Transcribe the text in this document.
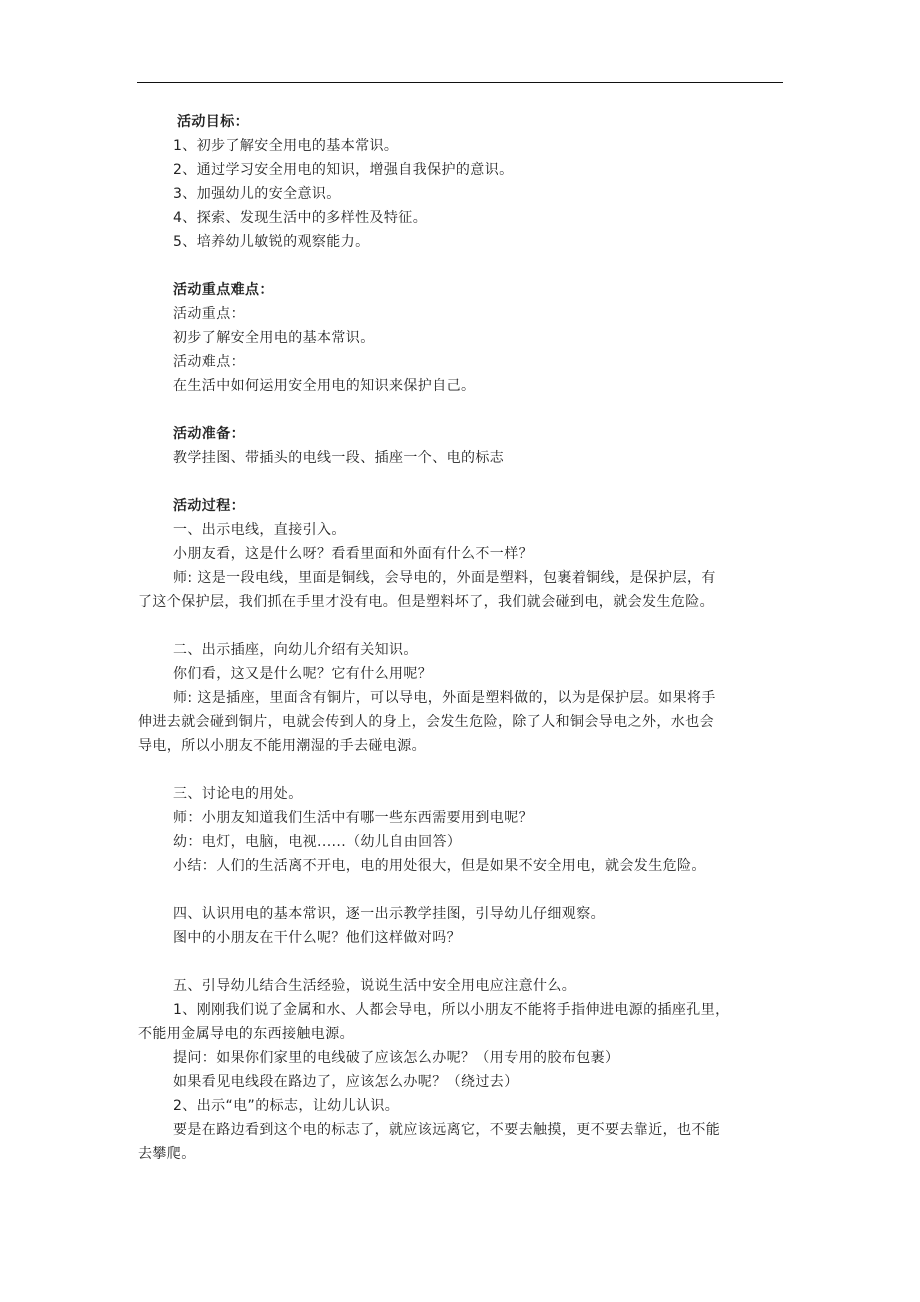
活动目标：

1、初步了解安全用电的基本常识。

2、通过学习安全用电的知识，增强自我保护的意识。

3、加强幼儿的安全意识。

4、探索、发现生活中的多样性及特征。

5、培养幼儿敏锐的观察能力。

活动重点难点：

活动重点：

初步了解安全用电的基本常识。

活动难点：

在生活中如何运用安全用电的知识来保护自己。

活动准备：

教学挂图、带插头的电线一段、插座一个、电的标志

活动过程：

一、出示电线，直接引入。

小朋友看，这是什么呀？看看里面和外面有什么不一样？

师: 这是一段电线，里面是铜线，会导电的，外面是塑料，包裹着铜线，是保护层，有

了这个保护层，我们抓在手里才没有电。但是塑料坏了，我们就会碰到电，就会发生危险。

二、出示插座，向幼儿介绍有关知识。

你们看，这又是什么呢？它有什么用呢？

师: 这是插座，里面含有铜片，可以导电，外面是塑料做的，以为是保护层。如果将手

伸进去就会碰到铜片，电就会传到人的身上，会发生危险，除了人和铜会导电之外，水也会

导电，所以小朋友不能用潮湿的手去碰电源。

三、讨论电的用处。

师：小朋友知道我们生活中有哪一些东西需要用到电呢？

幼：电灯，电脑，电视......（幼儿自由回答）

小结：人们的生活离不开电，电的用处很大，但是如果不安全用电，就会发生危险。

四、认识用电的基本常识，逐一出示教学挂图，引导幼儿仔细观察。

图中的小朋友在干什么呢？他们这样做对吗？

五、引导幼儿结合生活经验，说说生活中安全用电应注意什么。

1、刚刚我们说了金属和水、人都会导电，所以小朋友不能将手指伸进电源的插座孔里，

不能用金属导电的东西接触电源。

提问：如果你们家里的电线破了应该怎么办呢？（用专用的胶布包裹）

如果看见电线段在路边了，应该怎么办呢？（绕过去）

2、出示“电”的标志，让幼儿认识。

要是在路边看到这个电的标志了，就应该远离它，不要去触摸，更不要去靠近，也不能

去攀爬。
